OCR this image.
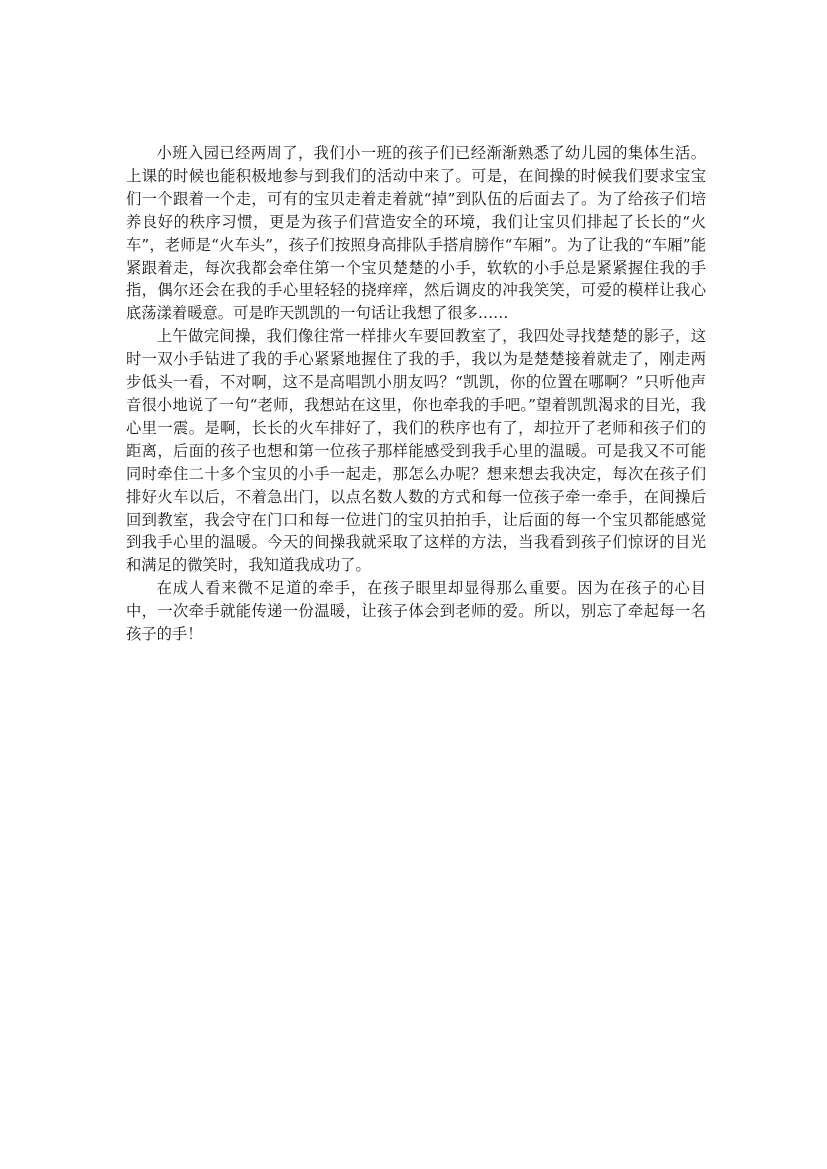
小班入园已经两周了，我们小一班的孩子们已经渐渐熟悉了幼儿园的集体生活。上课的时候也能积极地参与到我们的活动中来了。可是，在间操的时候我们要求宝宝们一个跟着一个走，可有的宝贝走着走着就“掉”到队伍的后面去了。为了给孩子们培养良好的秩序习惯，更是为孩子们营造安全的环境，我们让宝贝们排起了长长的“火车”，老师是“火车头”，孩子们按照身高排队手搭肩膀作“车厢”。为了让我的“车厢”能紧跟着走，每次我都会牵住第一个宝贝楚楚的小手，软软的小手总是紧紧握住我的手指，偶尔还会在我的手心里轻轻的挠痒痒，然后调皮的冲我笑笑，可爱的模样让我心底荡漾着暖意。可是昨天凯凯的一句话让我想了很多……

上午做完间操，我们像往常一样排火车要回教室了，我四处寻找楚楚的影子，这时一双小手钻进了我的手心紧紧地握住了我的手，我以为是楚楚接着就走了，刚走两步低头一看，不对啊，这不是高唱凯小朋友吗？“凯凯，你的位置在哪啊？”只听他声音很小地说了一句“老师，我想站在这里，你也牵我的手吧。”望着凯凯渴求的目光，我心里一震。是啊，长长的火车排好了，我们的秩序也有了，却拉开了老师和孩子们的距离，后面的孩子也想和第一位孩子那样能感受到我手心里的温暖。可是我又不可能同时牵住二十多个宝贝的小手一起走，那怎么办呢？想来想去我决定，每次在孩子们排好火车以后，不着急出门，以点名数人数的方式和每一位孩子牵一牵手，在间操后回到教室，我会守在门口和每一位进门的宝贝拍拍手，让后面的每一个宝贝都能感觉到我手心里的温暖。今天的间操我就采取了这样的方法，当我看到孩子们惊讶的目光和满足的微笑时，我知道我成功了。

在成人看来微不足道的牵手，在孩子眼里却显得那么重要。因为在孩子的心目中，一次牵手就能传递一份温暖，让孩子体会到老师的爱。所以，别忘了牵起每一名孩子的手！
